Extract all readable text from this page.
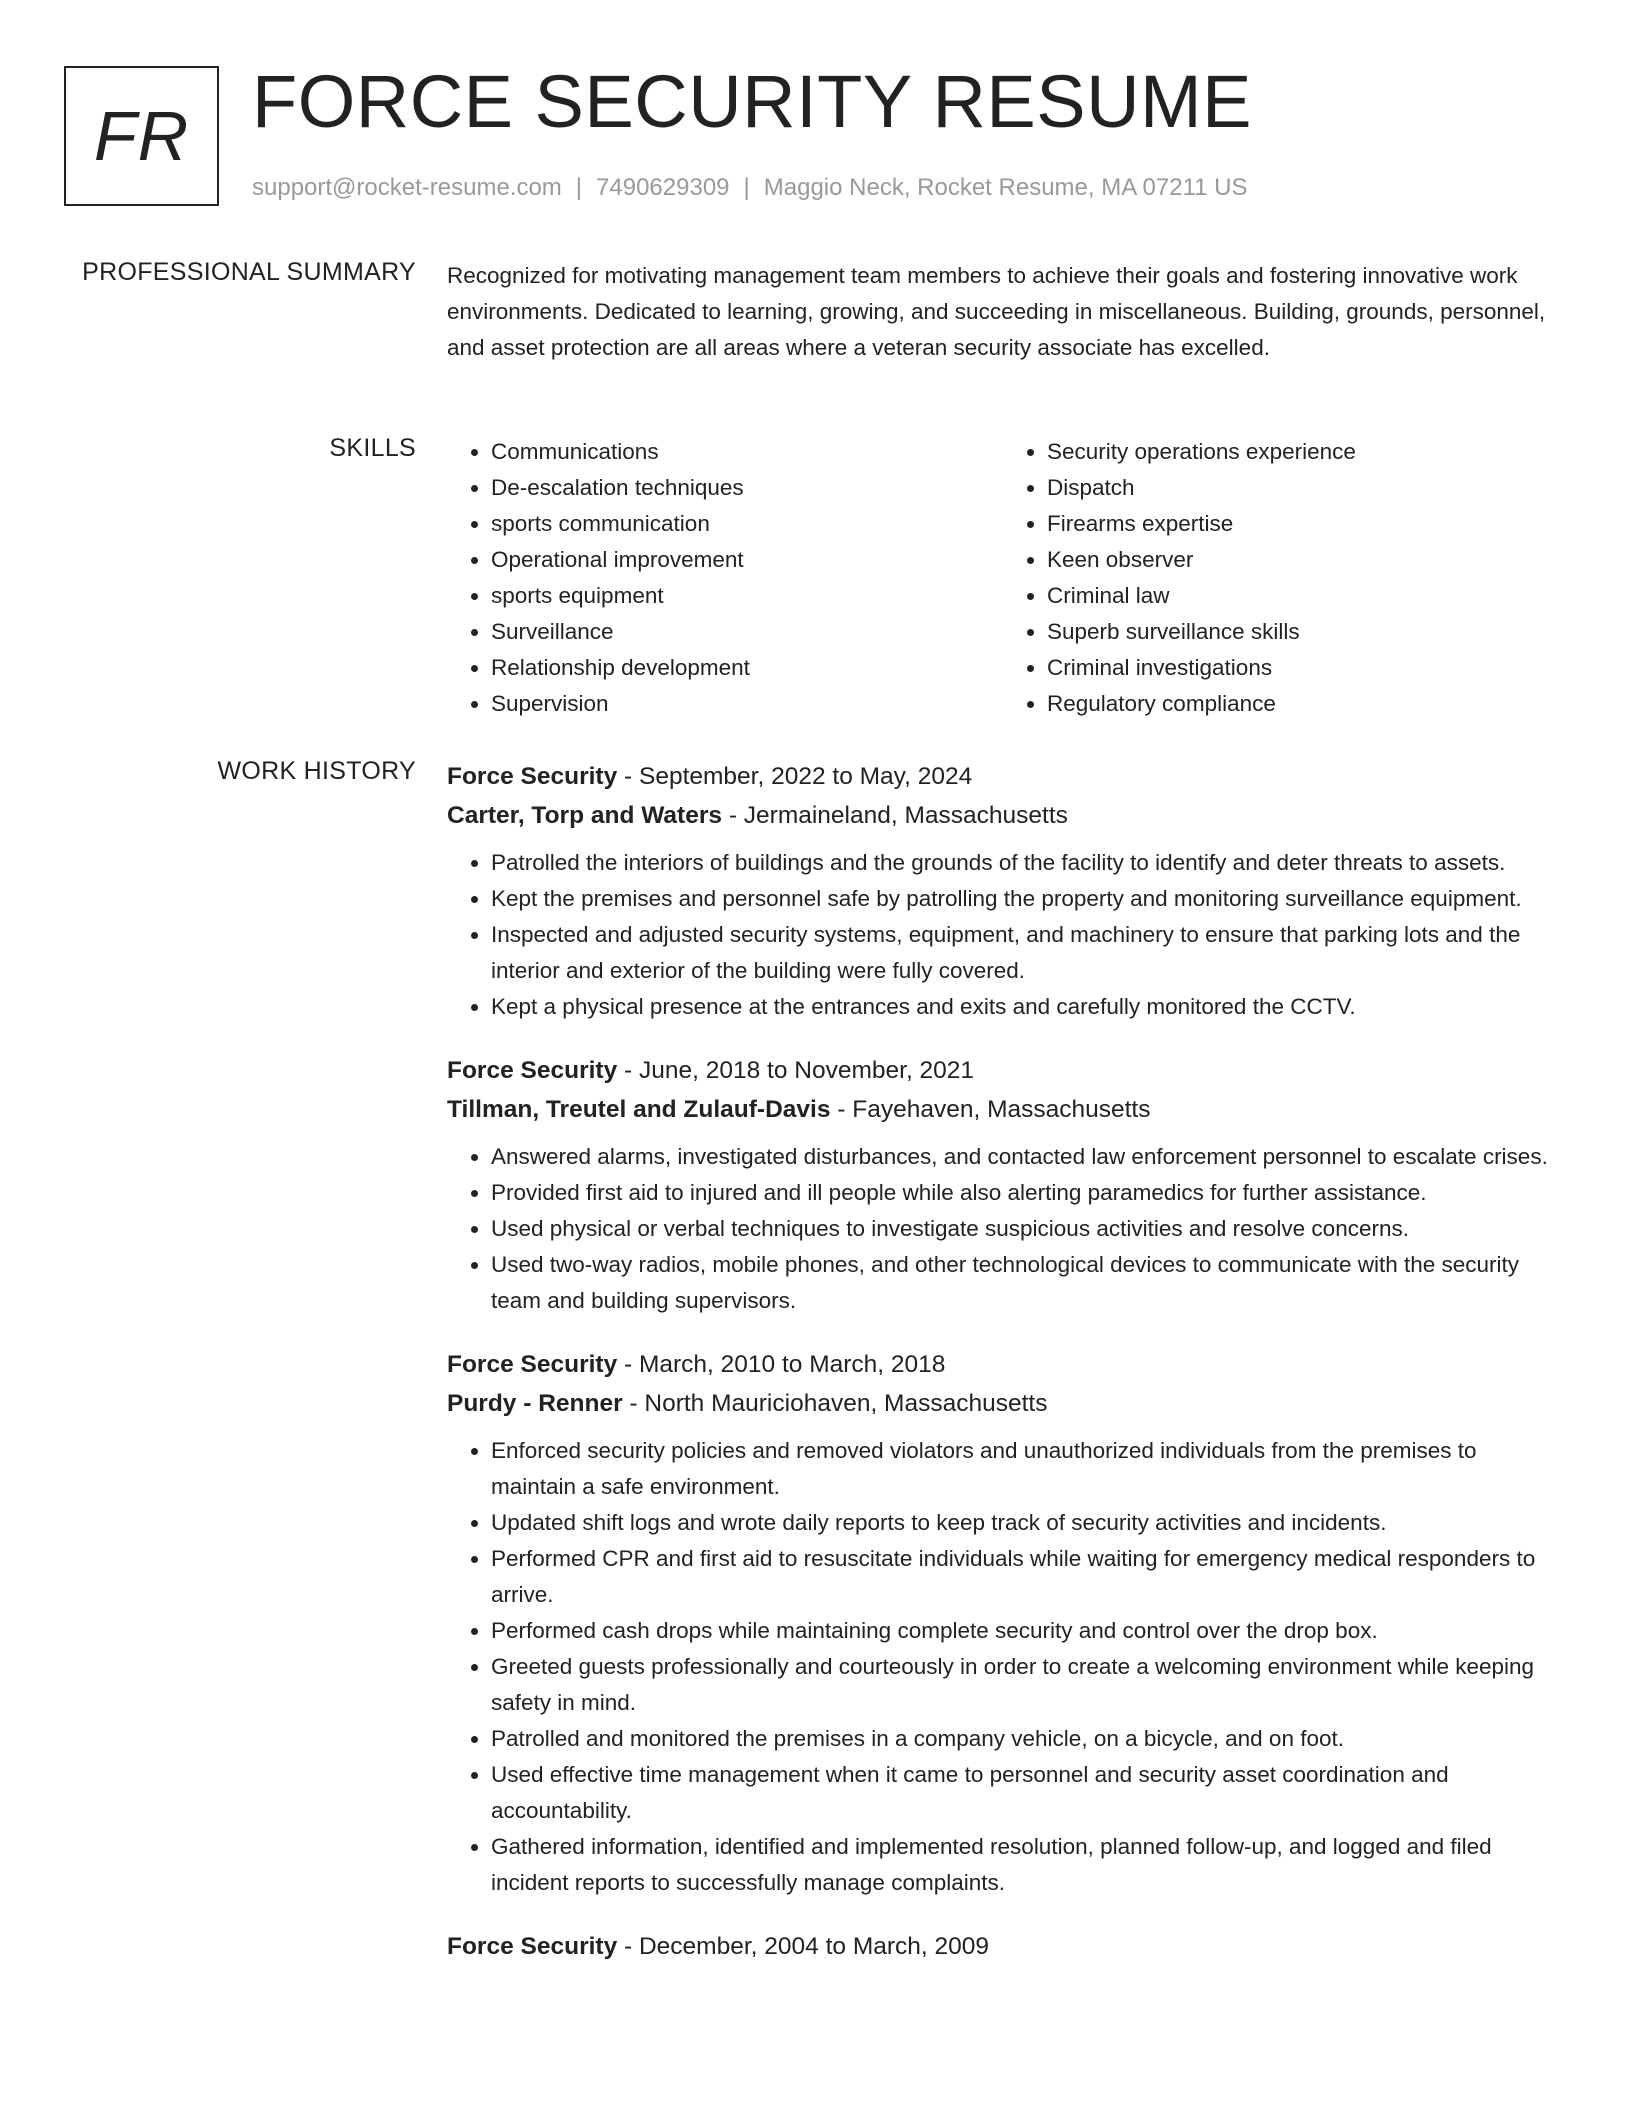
FR FORCE SECURITY RESUME
support@rocket-resume.com | 7490629309 | Maggio Neck, Rocket Resume, MA 07211 US
PROFESSIONAL SUMMARY Recognized for motivating management team members to achieve their goals and fostering innovative work environments. Dedicated to learning, growing, and succeeding in miscellaneous. Building, grounds, personnel, and asset protection are all areas where a veteran security associate has excelled.

SKILLS
•	Communications
• De-escalation techniques
• sports communication
• Operational improvement
• sports equipment
• Surveillance
• Relationship development
• Supervision
• Security operations experience
• Dispatch
• Firearms expertise
• Keen observer
• Criminal law
• Superb surveillance skills
• Criminal investigations
• Regulatory compliance
WORK HISTORY Force Security - September, 2022 to May, 2024
Carter, Torp and Waters - Jermaineland, Massachusetts
• Patrolled the interiors of buildings and the grounds of the facility to identify and deter threats to assets.
• Kept the premises and personnel safe by patrolling the property and monitoring surveillance equipment.
• Inspected and adjusted security systems, equipment, and machinery to ensure that parking lots and the interior and exterior of the building were fully covered.
• Kept a physical presence at the entrances and exits and carefully monitored the CCTV.
Force Security - June, 2018 to November, 2021
Tillman, Treutel and Zulauf-Davis - Fayehaven, Massachusetts
• Answered alarms, investigated disturbances, and contacted law enforcement personnel to escalate crises.
• Provided first aid to injured and ill people while also alerting paramedics for further assistance.
• Used physical or verbal techniques to investigate suspicious activities and resolve concerns.
• Used two-way radios, mobile phones, and other technological devices to communicate with the security team and building supervisors.
Force Security - March, 2010 to March, 2018
Purdy - Renner - North Mauriciohaven, Massachusetts
• Enforced security policies and removed violators and unauthorized individuals from the premises to maintain a safe environment.
• Updated shift logs and wrote daily reports to keep track of security activities and incidents.
• Performed CPR and first aid to resuscitate individuals while waiting for emergency medical responders to arrive.
• Performed cash drops while maintaining complete security and control over the drop box.
• Greeted guests professionally and courteously in order to create a welcoming environment while keeping safety in mind.
• Patrolled and monitored the premises in a company vehicle, on a bicycle, and on foot.
• Used effective time management when it came to personnel and security asset coordination and accountability.
• Gathered information, identified and implemented resolution, planned follow-up, and logged and filed incident reports to successfully manage complaints.
Force Security - December, 2004 to March, 2009
